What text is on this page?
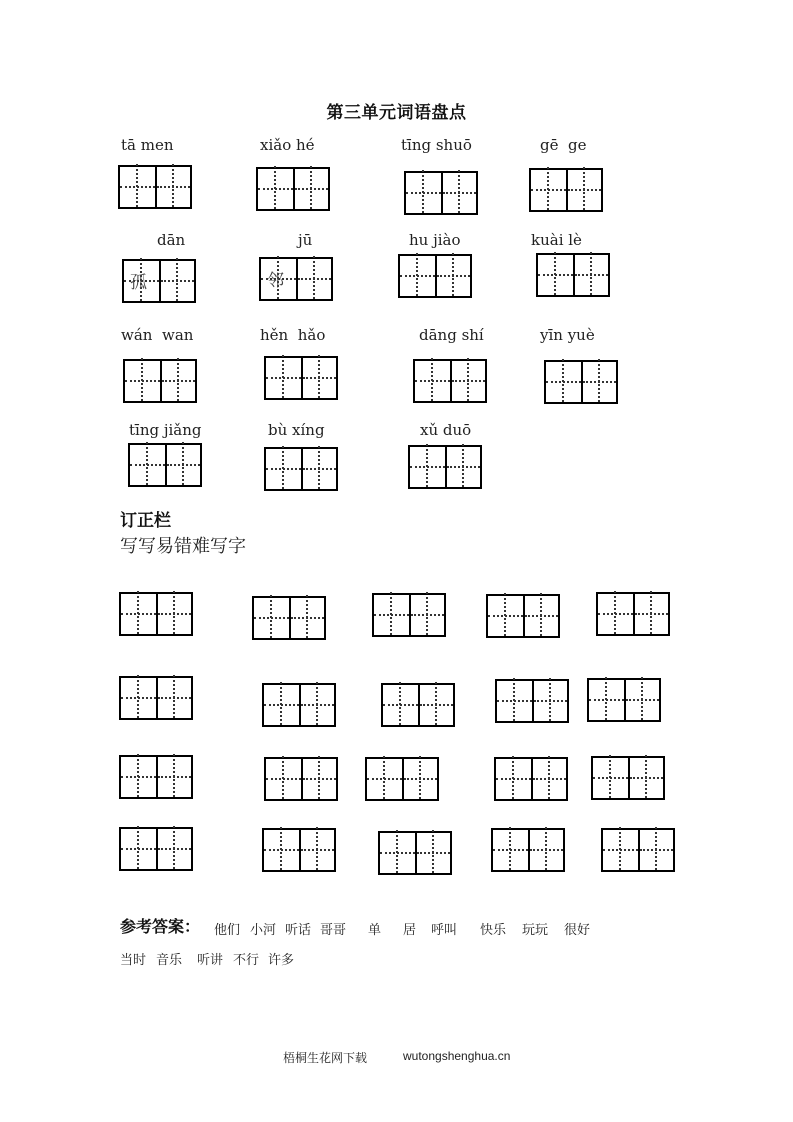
第三单元词语盘点
tā men	xiǎo hé	tīng shuō	gē  ge
dān	jū	hu jiào	kuài lè
孤	邻
wán  wan	hěn  hǎo	dāng shí	yīn yuè
tīng jiǎng	bù xíng	xǔ duō
订正栏
写写易错难写字
参考答案： 他们 小河 听话 哥哥 单 居 呼叫 快乐 玩玩 很好
当时 音乐 听讲 不行 许多
梧桐生花网下载	wutongshenghua.cn
